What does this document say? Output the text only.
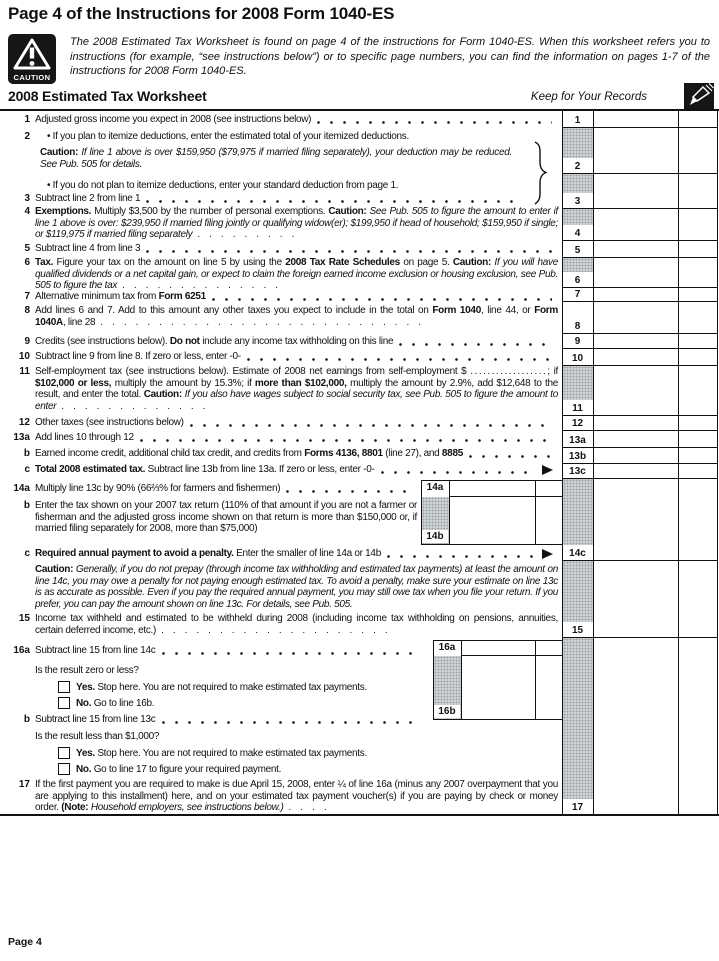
Page 4 of the Instructions for 2008 Form 1040-ES
CAUTION
The 2008 Estimated Tax Worksheet is found on page 4 of the instructions for Form 1040-ES. When this worksheet refers you to instructions (for example, “see instructions below”) or to specific page numbers, you can find the information on pages 1-7 of the instructions for 2008 Form 1040-ES.
2008 Estimated Tax Worksheet	Keep for Your Records
1
2
3
4
5
6
7
8
9
10
11
12
13a
13b
13c
14c
15
17
14a
14b
16a
16b
1
2
3
4
5
6
7
8
9
10
11
12
13a
b
c
14a
b
c
15
16a
b
17
Adjusted gross income you expect in 2008 (see instructions below)
• If you plan to itemize deductions, enter the estimated total of your itemized deductions.
Caution: If line 1 above is over $159,950 ($79,975 if married filing separately), your deduction may be reduced. See Pub. 505 for details.
• If you do not plan to itemize deductions, enter your standard deduction from page 1.
Subtract line 2 from line 1
Exemptions. Multiply $3,500 by the number of personal exemptions. Caution: See Pub. 505 to figure the amount to enter if line 1 above is over: $239,950 if married filing jointly or qualifying widow(er); $199,950 if head of household; $159,950 if single; or $119,975 if married filing separately .........
Subtract line 4 from line 3
Tax. Figure your tax on the amount on line 5 by using the 2008 Tax Rate Schedules on page 5. Caution: If you will have qualified dividends or a net capital gain, or expect to claim the foreign earned income exclusion or housing exclusion, see Pub. 505 to figure the tax ..............
Alternative minimum tax from Form 6251
Add lines 6 and 7. Add to this amount any other taxes you expect to include in the total on Form 1040, line 44, or Form 1040A, line 28 ............................
Credits (see instructions below). Do not include any income tax withholding on this line
Subtract line 9 from line 8. If zero or less, enter -0-
Self-employment tax (see instructions below). Estimate of 2008 net earnings from self-employment $ ..................; if $102,000 or less, multiply the amount by 15.3%; if more than $102,000, multiply the amount by 2.9%, add $12,648 to the result, and enter the total. Caution: If you also have wages subject to social security tax, see Pub. 505 to figure the amount to enter .............
Other taxes (see instructions below)
Add lines 10 through 12
Earned income credit, additional child tax credit, and credits from Forms 4136, 8801 (line 27), and 8885
Total 2008 estimated tax. Subtract line 13b from line 13a. If zero or less, enter -0-
Multiply line 13c by 90% (66⅔% for farmers and fishermen)
Enter the tax shown on your 2007 tax return (110% of that amount if you are not a farmer or fisherman and the adjusted gross income shown on that return is more than $150,000 or, if married filing separately for 2008, more than $75,000)
Required annual payment to avoid a penalty. Enter the smaller of line 14a or 14b
Caution: Generally, if you do not prepay (through income tax withholding and estimated tax payments) at least the amount on line 14c, you may owe a penalty for not paying enough estimated tax. To avoid a penalty, make sure your estimate on line 13c is as accurate as possible. Even if you pay the required annual payment, you may still owe tax when you file your return. If you prefer, you can pay the amount shown on line 13c. For details, see Pub. 505.
Income tax withheld and estimated to be withheld during 2008 (including income tax withholding on pensions, annuities, certain deferred income, etc.) ....................
Subtract line 15 from line 14c
Is the result zero or less?
Yes. Stop here. You are not required to make estimated tax payments.
No. Go to line 16b.
Subtract line 15 from line 13c
Is the result less than $1,000?
Yes. Stop here. You are not required to make estimated tax payments.
No. Go to line 17 to figure your required payment.
If the first payment you are required to make is due April 15, 2008, enter ¼ of line 16a (minus any 2007 overpayment that you are applying to this installment) here, and on your estimated tax payment voucher(s) if you are paying by check or money order. (Note: Household employers, see instructions below.) ....
Page 4
